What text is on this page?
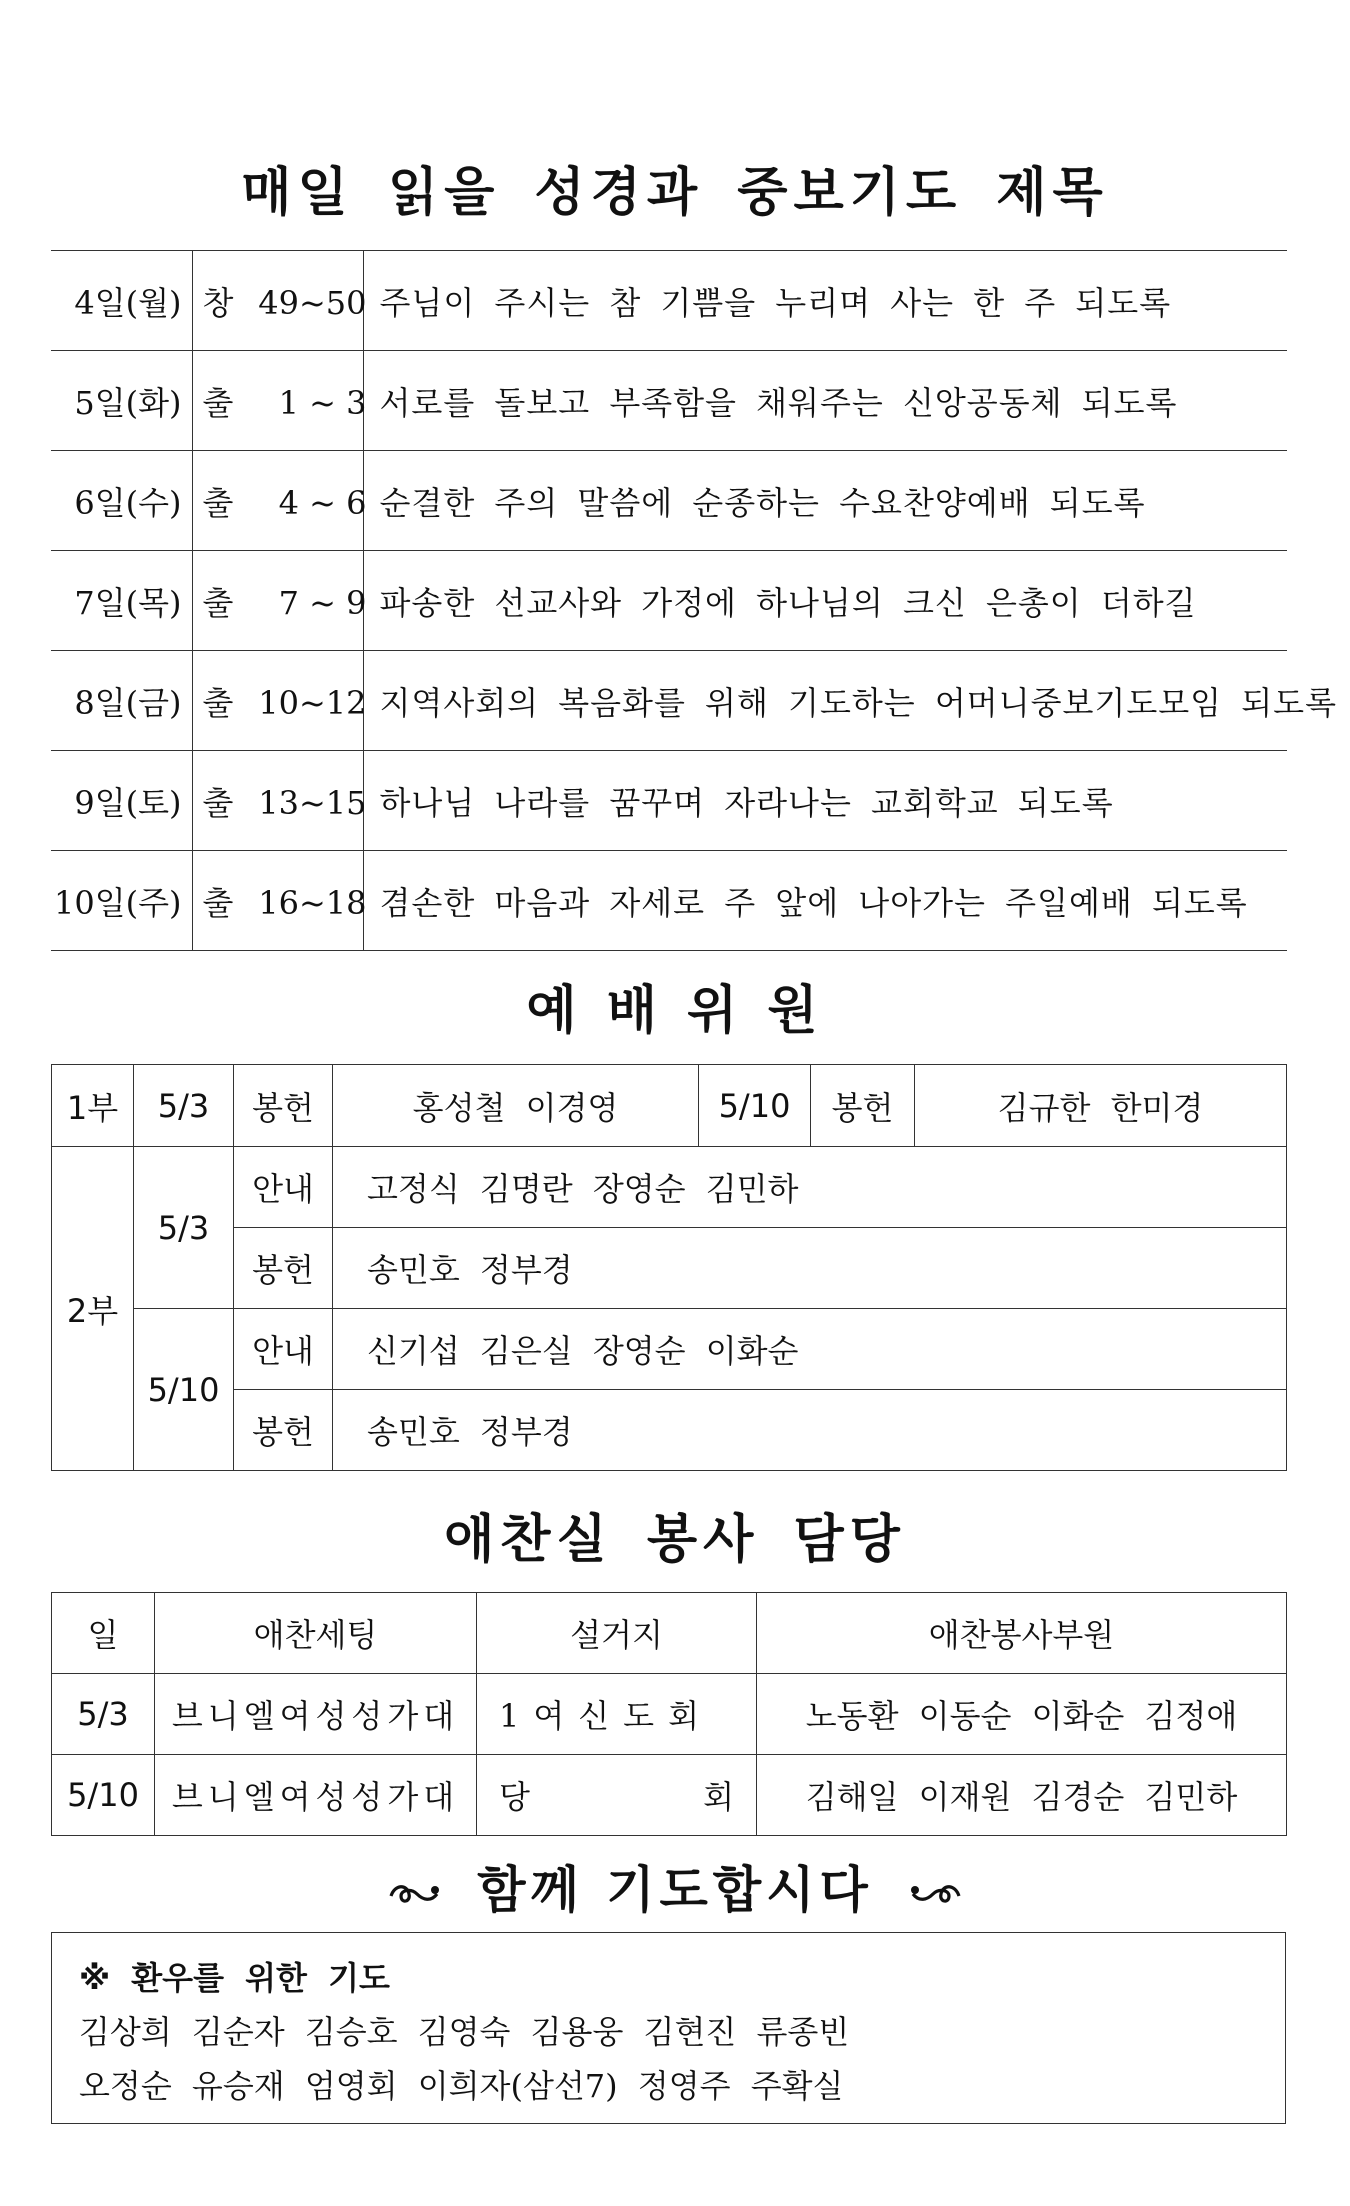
매일 읽을 성경과 중보기도 제목
4일(월)	창 49~50	주님이 주시는 참 기쁨을 누리며 사는 한 주 되도록
5일(화)	출 1 ~ 3	서로를 돌보고 부족함을 채워주는 신앙공동체 되도록
6일(수)	출 4 ~ 6	순결한 주의 말씀에 순종하는 수요찬양예배 되도록
7일(목)	출 7 ~ 9	파송한 선교사와 가정에 하나님의 크신 은총이 더하길
8일(금)	출 10~12	지역사회의 복음화를 위해 기도하는 어머니중보기도모임 되도록
9일(토)	출 13~15	하나님 나라를 꿈꾸며 자라나는 교회학교 되도록
10일(주)	출 16~18	겸손한 마음과 자세로 주 앞에 나아가는 주일예배 되도록
예 배 위 원
1부	5/3	봉헌	홍성철 이경영	5/10	봉헌	김규한 한미경
2부	5/3	안내	고정식 김명란 장영순 김민하			
		봉헌	송민호 정부경			
	5/10	안내	신기섭 김은실 장영순 이화순			
		봉헌	송민호 정부경			
애찬실 봉사 담당
일	애찬세팅	설거지	애찬봉사부원
5/3	브니엘여성성가대	1여신도회	노동환 이동순 이화순 김정애
5/10	브니엘여성성가대	당 회	김해일 이재원 김경순 김민하
함께 기도합시다
※ 환우를 위한 기도
김상희 김순자 김승호 김영숙 김용웅 김현진 류종빈
오정순 유승재 엄영회 이희자(삼선7) 정영주 주확실
